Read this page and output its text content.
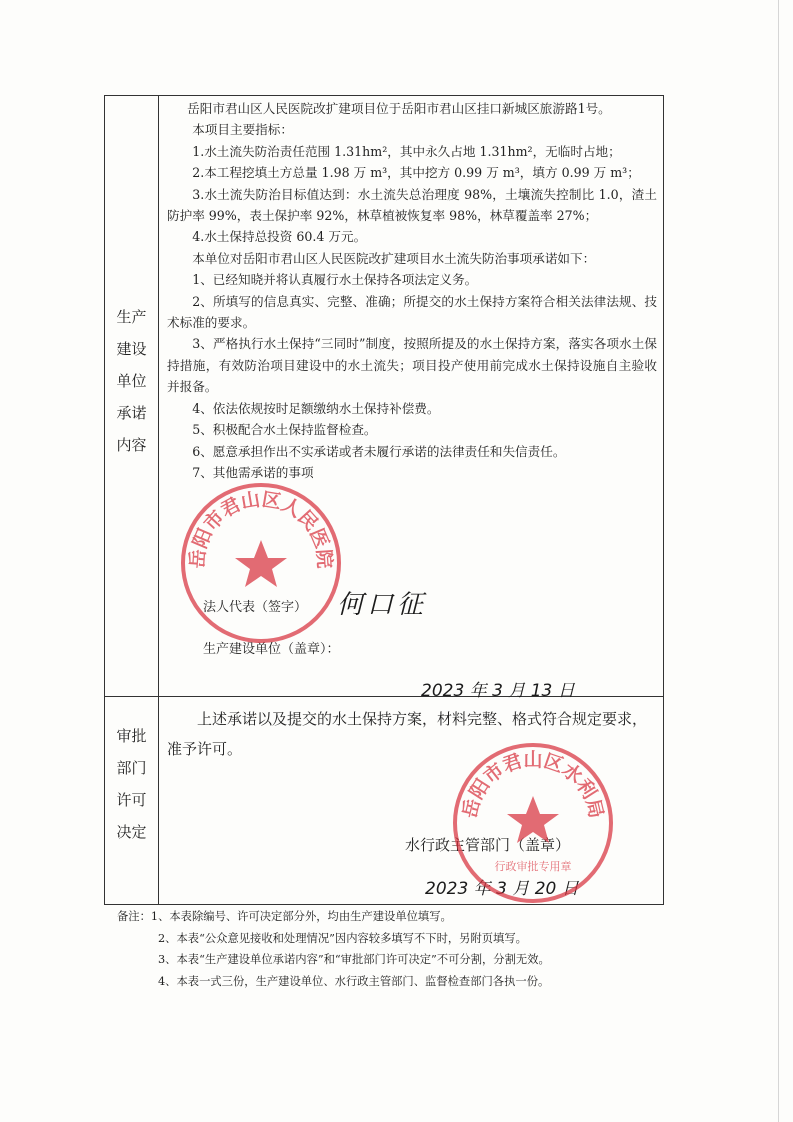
生产
建设
单位
承诺
内容

岳阳市君山区人民医院改扩建项目位于岳阳市君山区挂口新城区旅游路1号。

本项目主要指标：

1.水土流失防治责任范围 1.31hm²，其中永久占地 1.31hm²，无临时占地；

2.本工程挖填土方总量 1.98 万 m³，其中挖方 0.99 万 m³，填方 0.99 万 m³；

3.水土流失防治目标值达到：水土流失总治理度 98%，土壤流失控制比 1.0，渣土防护率 99%，表土保护率 92%，林草植被恢复率 98%，林草覆盖率 27%；

4.水土保持总投资 60.4 万元。

本单位对岳阳市君山区人民医院改扩建项目水土流失防治事项承诺如下：

1、已经知晓并将认真履行水土保持各项法定义务。

2、所填写的信息真实、完整、准确；所提交的水土保持方案符合相关法律法规、技术标准的要求。

3、严格执行水土保持“三同时”制度，按照所提及的水土保持方案，落实各项水土保持措施，有效防治项目建设中的水土流失；项目投产使用前完成水土保持设施自主验收并报备。

4、依法依规按时足额缴纳水土保持补偿费。

5、积极配合水土保持监督检查。

6、愿意承担作出不实承诺或者未履行承诺的法律责任和失信责任。

7、其他需承诺的事项

法人代表（签字） 何口征
生产建设单位（盖章）：
2023 年 3 月 13 日
审批
部门
许可
决定

上述承诺以及提交的水土保持方案，材料完整、格式符合规定要求，准予许可。

水行政主管部门（盖章）
2023 年 3 月 20 日
岳阳市君山区人民医院
岳阳市君山区水利局
行政审批专用章
备注：1、本表除编号、许可决定部分外，均由生产建设单位填写。
2、本表“公众意见接收和处理情况”因内容较多填写不下时，另附页填写。
3、本表“生产建设单位承诺内容”和“审批部门许可决定”不可分割，分割无效。
4、本表一式三份，生产建设单位、水行政主管部门、监督检查部门各执一份。
